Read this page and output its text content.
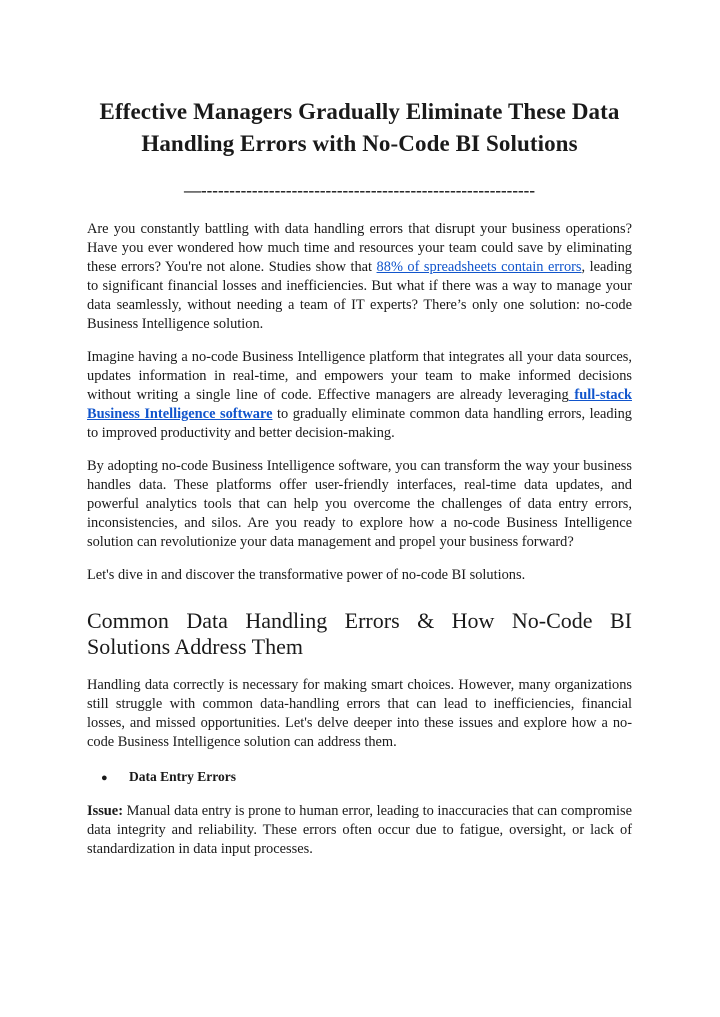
Effective Managers Gradually Eliminate These Data Handling Errors with No-Code BI Solutions
—-----------------------------------------------------------

Are you constantly battling with data handling errors that disrupt your business operations? Have you ever wondered how much time and resources your team could save by eliminating these errors? You're not alone. Studies show that 88% of spreadsheets contain errors, leading to significant financial losses and inefficiencies. But what if there was a way to manage your data seamlessly, without needing a team of IT experts? There’s only one solution: no-code Business Intelligence solution.

Imagine having a no-code Business Intelligence platform that integrates all your data sources, updates information in real-time, and empowers your team to make informed decisions without writing a single line of code. Effective managers are already leveraging full-stack Business Intelligence software to gradually eliminate common data handling errors, leading to improved productivity and better decision-making.

By adopting no-code Business Intelligence software, you can transform the way your business handles data. These platforms offer user-friendly interfaces, real-time data updates, and powerful analytics tools that can help you overcome the challenges of data entry errors, inconsistencies, and silos. Are you ready to explore how a no-code Business Intelligence solution can revolutionize your data management and propel your business forward?

Let's dive in and discover the transformative power of no-code BI solutions.

Common Data Handling Errors & How No-Code BI
Solutions Address Them

Handling data correctly is necessary for making smart choices. However, many organizations still struggle with common data-handling errors that can lead to inefficiencies, financial losses, and missed opportunities. Let's delve deeper into these issues and explore how a no-code Business Intelligence solution can address them.

● Data Entry Errors

Issue: Manual data entry is prone to human error, leading to inaccuracies that can compromise data integrity and reliability. These errors often occur due to fatigue, oversight, or lack of standardization in data input processes.
